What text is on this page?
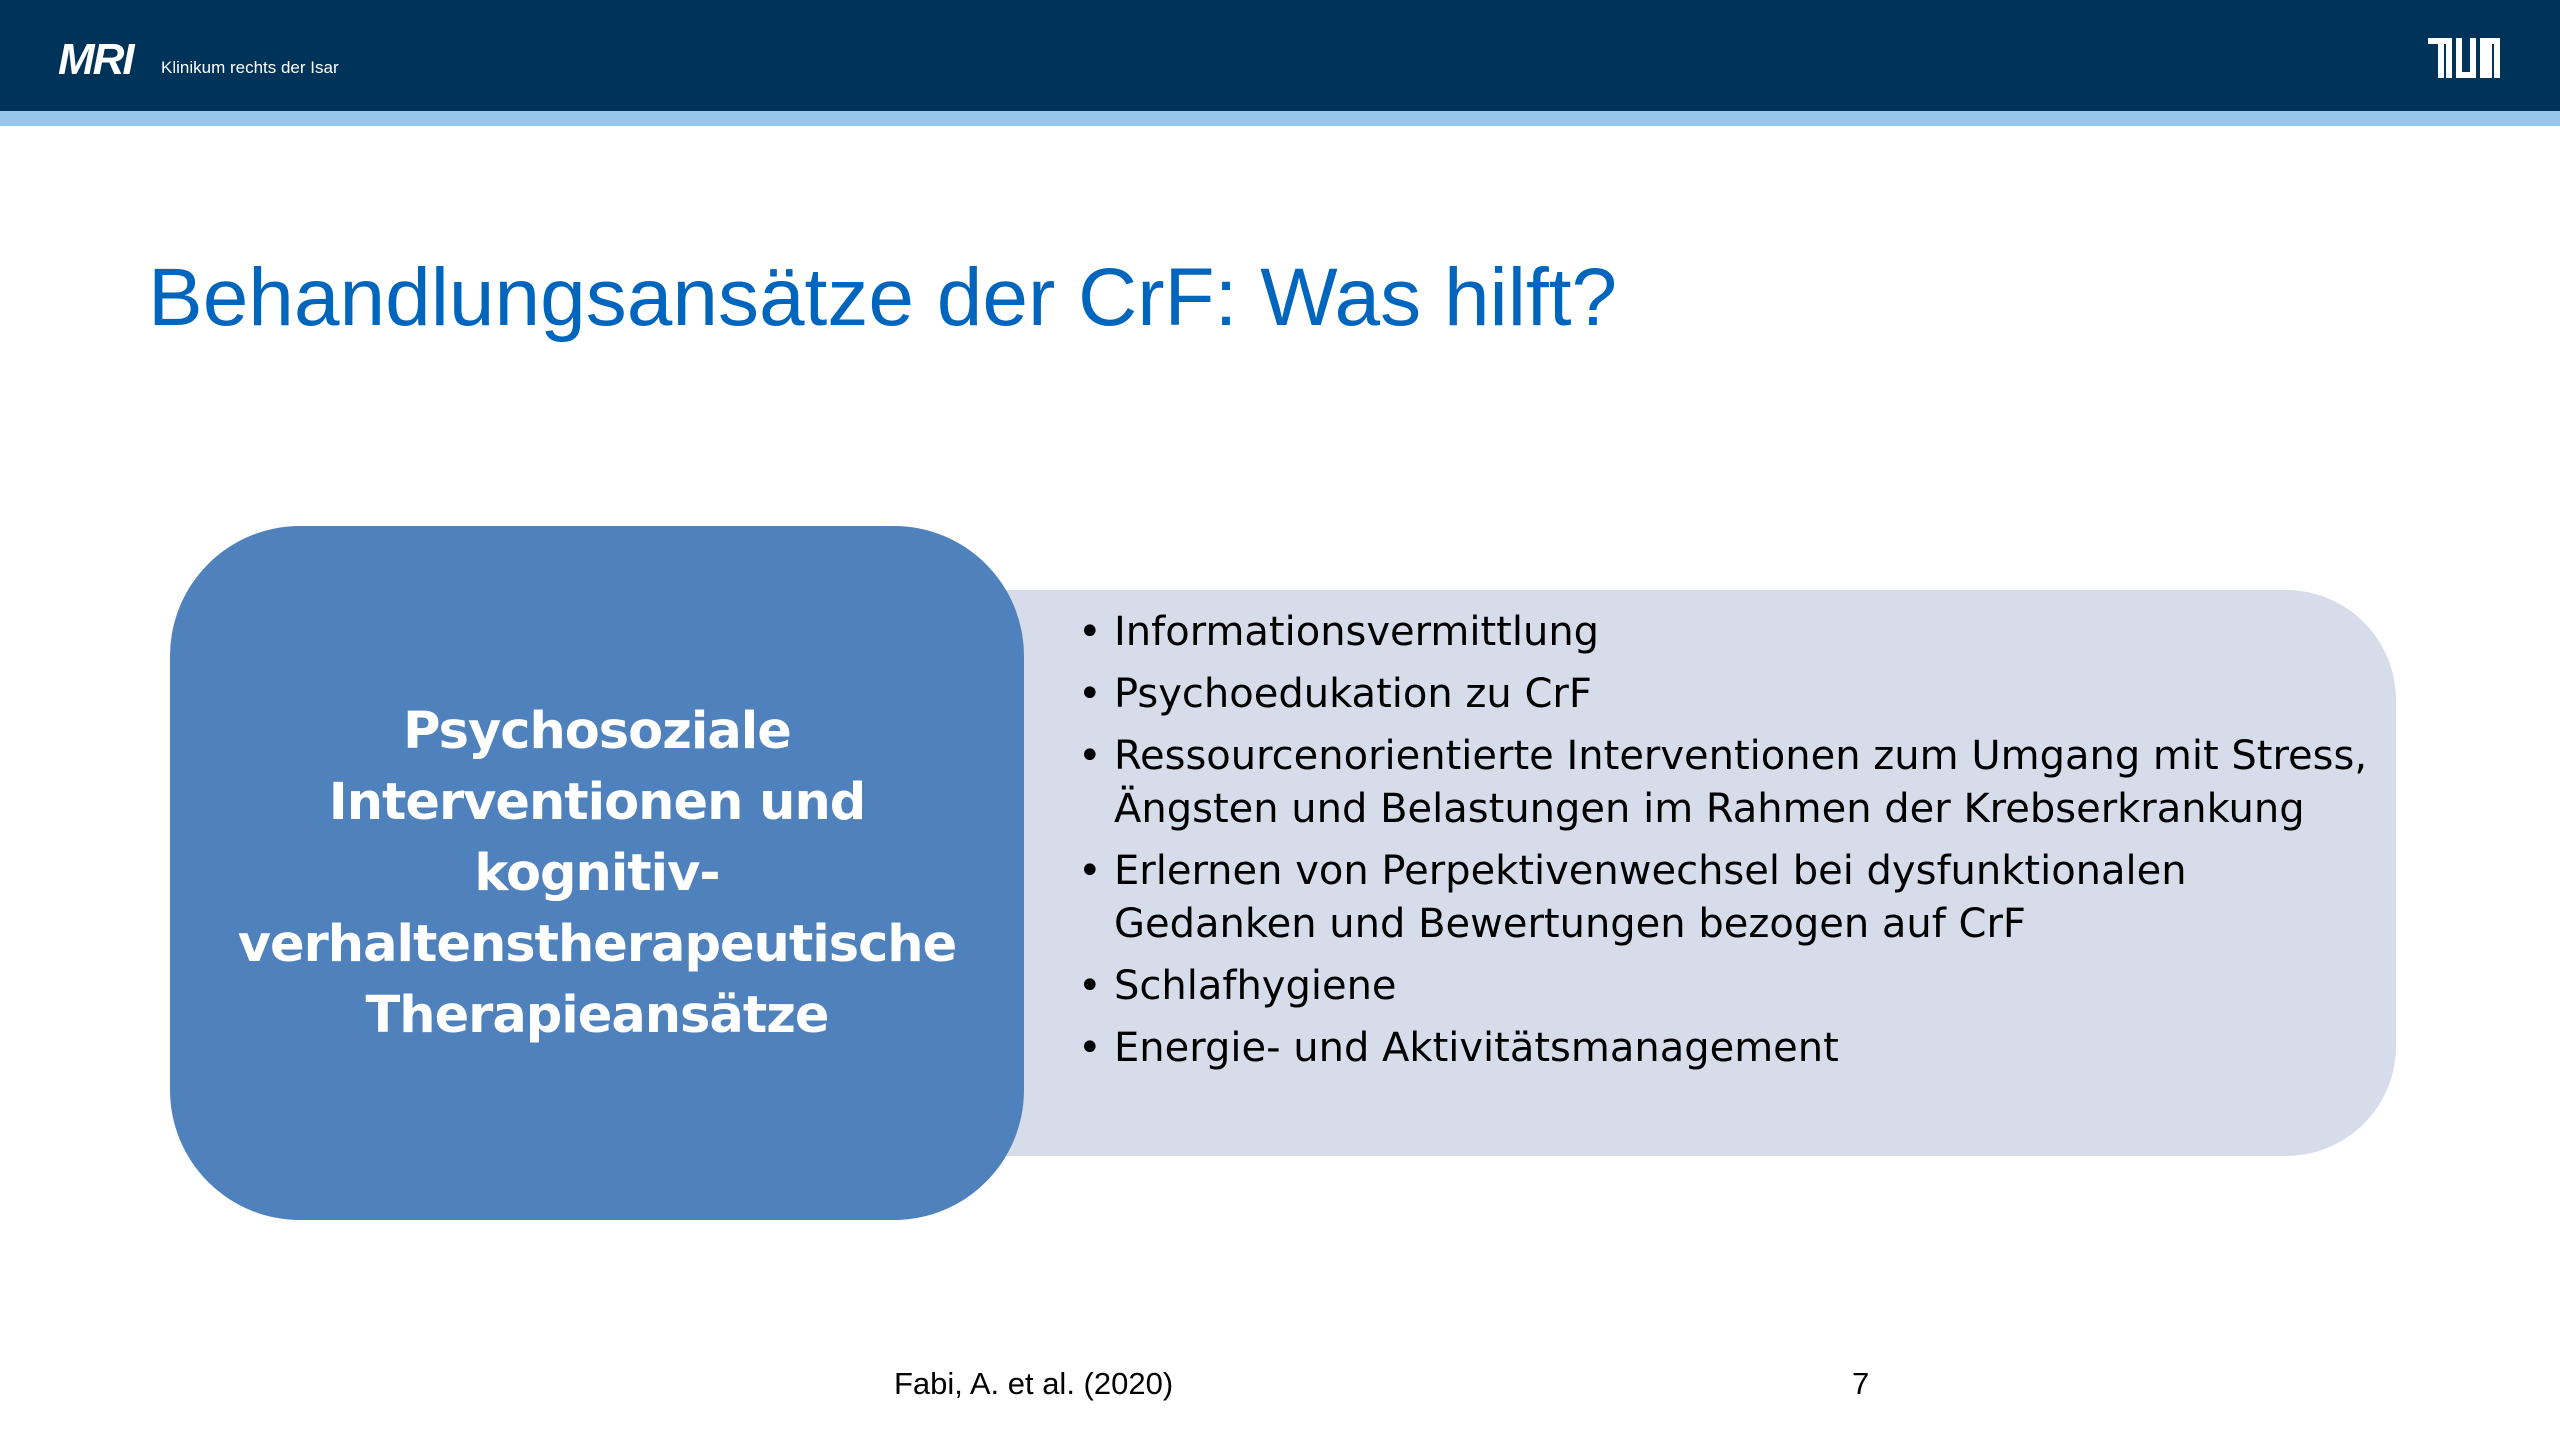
MRI Klinikum rechts der Isar
Behandlungsansätze der CrF: Was hilft?

Psychosoziale Interventionen und kognitiv-verhaltenstherapeutische Therapieansätze

• Informationsvermittlung
• Psychoedukation zu CrF
• Ressourcenorientierte Interventionen zum Umgang mit Stress, Ängsten und Belastungen im Rahmen der Krebserkrankung
• Erlernen von Perpektivenwechsel bei dysfunktionalen Gedanken und Bewertungen bezogen auf CrF
• Schlafhygiene
• Energie- und Aktivitätsmanagement
Fabi, A. et al. (2020)	7
